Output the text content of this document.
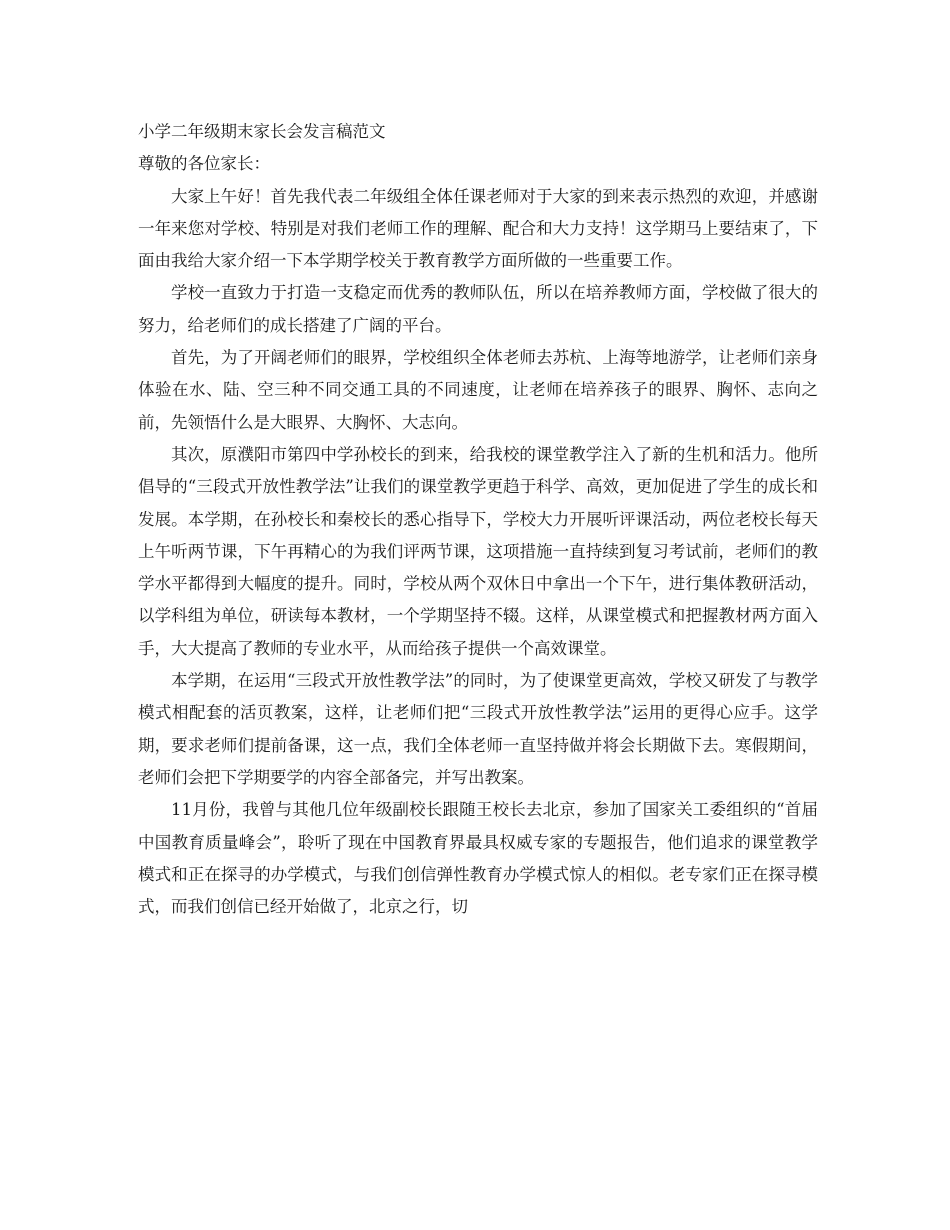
小学二年级期末家长会发言稿范文
尊敬的各位家长：

大家上午好！首先我代表二年级组全体任课老师对于大家的到来表示热烈的欢迎，并感谢一年来您对学校、特别是对我们老师工作的理解、配合和大力支持！这学期马上要结束了，下面由我给大家介绍一下本学期学校关于教育教学方面所做的一些重要工作。

学校一直致力于打造一支稳定而优秀的教师队伍，所以在培养教师方面，学校做了很大的努力，给老师们的成长搭建了广阔的平台。

首先，为了开阔老师们的眼界，学校组织全体老师去苏杭、上海等地游学，让老师们亲身体验在水、陆、空三种不同交通工具的不同速度，让老师在培养孩子的眼界、胸怀、志向之前，先领悟什么是大眼界、大胸怀、大志向。

其次，原濮阳市第四中学孙校长的到来，给我校的课堂教学注入了新的生机和活力。他所倡导的“三段式开放性教学法”让我们的课堂教学更趋于科学、高效，更加促进了学生的成长和发展。本学期，在孙校长和秦校长的悉心指导下，学校大力开展听评课活动，两位老校长每天上午听两节课，下午再精心的为我们评两节课，这项措施一直持续到复习考试前，老师们的教学水平都得到大幅度的提升。同时，学校从两个双休日中拿出一个下午，进行集体教研活动，以学科组为单位，研读每本教材，一个学期坚持不辍。这样，从课堂模式和把握教材两方面入手，大大提高了教师的专业水平，从而给孩子提供一个高效课堂。

本学期，在运用“三段式开放性教学法”的同时，为了使课堂更高效，学校又研发了与教学模式相配套的活页教案，这样，让老师们把“三段式开放性教学法”运用的更得心应手。这学期，要求老师们提前备课，这一点，我们全体老师一直坚持做并将会长期做下去。寒假期间，老师们会把下学期要学的内容全部备完，并写出教案。

11月份，我曾与其他几位年级副校长跟随王校长去北京，参加了国家关工委组织的“首届中国教育质量峰会”，聆听了现在中国教育界最具权威专家的专题报告，他们追求的课堂教学模式和正在探寻的办学模式，与我们创信弹性教育办学模式惊人的相似。老专家们正在探寻模式，而我们创信已经开始做了，北京之行，切
